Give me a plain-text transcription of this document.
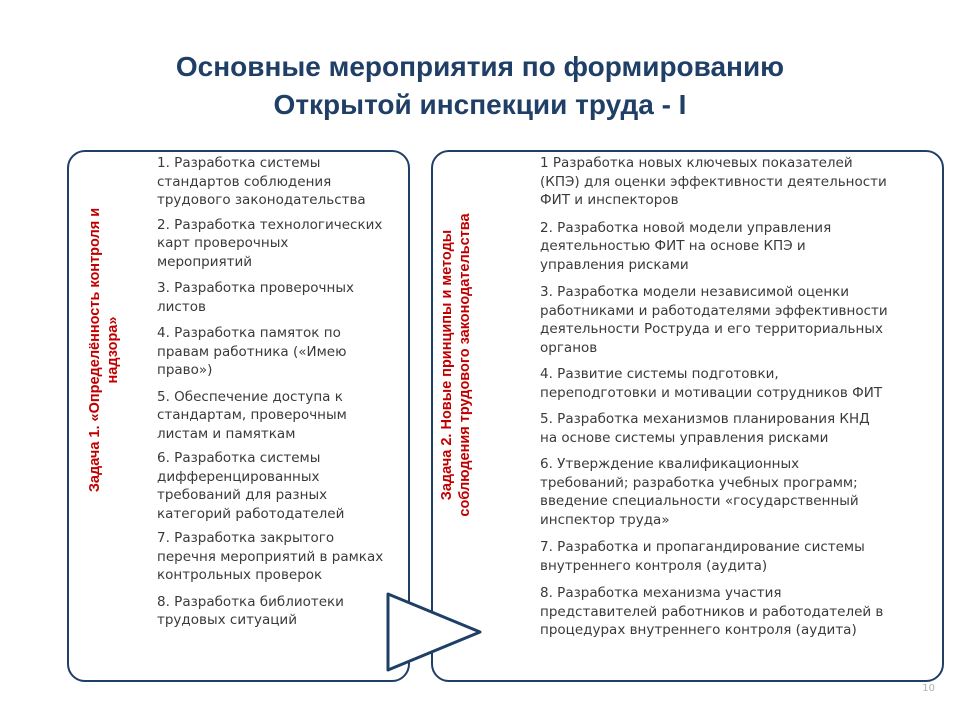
Основные мероприятия по формированию
Открытой инспекции труда - I
Задача 1. «Определённость контроля и надзора»	Задача 2. Новые принципы и методы соблюдения трудового законодательства
1. Разработка системы
стандартов соблюдения
трудового законодательства
2. Разработка технологических
карт проверочных
мероприятий
3. Разработка проверочных
листов
4. Разработка памяток по
правам работника («Имею
право»)
5. Обеспечение доступа к
стандартам, проверочным
листам и памяткам
6. Разработка системы
дифференцированных
требований для разных
категорий работодателей
7. Разработка закрытого
перечня мероприятий в рамках
контрольных проверок
8. Разработка библиотеки
трудовых ситуаций
1 Разработка новых ключевых показателей
(КПЭ) для оценки эффективности деятельности
ФИТ и инспекторов
2. Разработка новой модели управления
деятельностью ФИТ на основе КПЭ и
управления рисками
3. Разработка модели независимой оценки
работниками и работодателями эффективности
деятельности Роструда и его территориальных
органов
4. Развитие системы подготовки,
переподготовки и мотивации сотрудников ФИТ
5. Разработка механизмов планирования КНД
на основе системы управления рисками
6. Утверждение квалификационных
требований; разработка учебных программ;
введение специальности «государственный
инспектор труда»
7. Разработка и пропагандирование системы
внутреннего контроля (аудита)
8. Разработка механизма участия
представителей работников и работодателей в
процедурах внутреннего контроля (аудита)
10
